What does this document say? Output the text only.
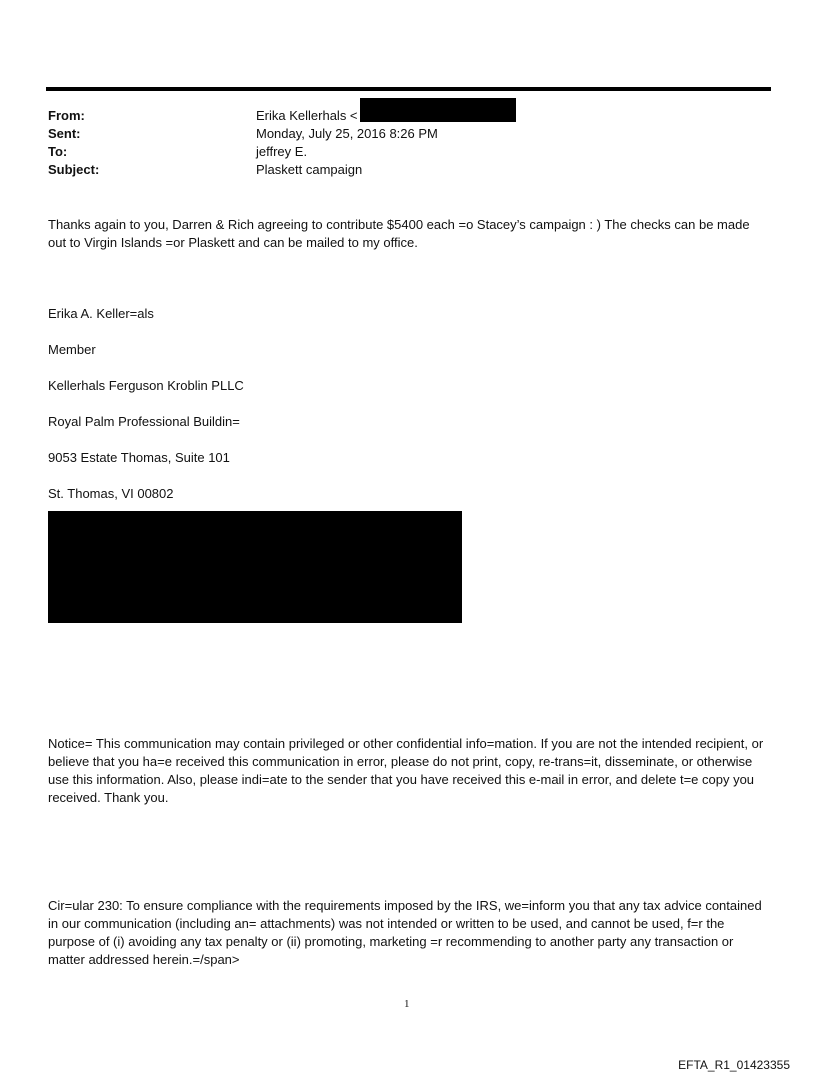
From:	Erika Kellerhals <
Sent:	Monday, July 25, 2016 8:26 PM
To:	jeffrey E.
Subject:	Plaskett campaign
Thanks again to you, Darren & Rich agreeing to contribute $5400 each =o Stacey’s campaign : ) The checks can be made out to Virgin Islands =or Plaskett and can be mailed to my office.
Erika A. Keller=als
Member
Kellerhals Ferguson Kroblin PLLC
Royal Palm Professional Buildin=
9053 Estate Thomas, Suite 101
St. Thomas, VI 00802
Notice= This communication may contain privileged or other confidential info=mation. If you are not the intended recipient, or believe that you ha=e received this communication in error, please do not print, copy, re-trans=it, disseminate, or otherwise use this information. Also, please indi=ate to the sender that you have received this e-mail in error, and delete t=e copy you received. Thank you.
Cir=ular 230: To ensure compliance with the requirements imposed by the IRS, we=inform you that any tax advice contained in our communication (including an= attachments) was not intended or written to be used, and cannot be used, f=r the purpose of (i) avoiding any tax penalty or (ii) promoting, marketing =r recommending to another party any transaction or matter addressed herein.=/span>
1
EFTA_R1_01423355
